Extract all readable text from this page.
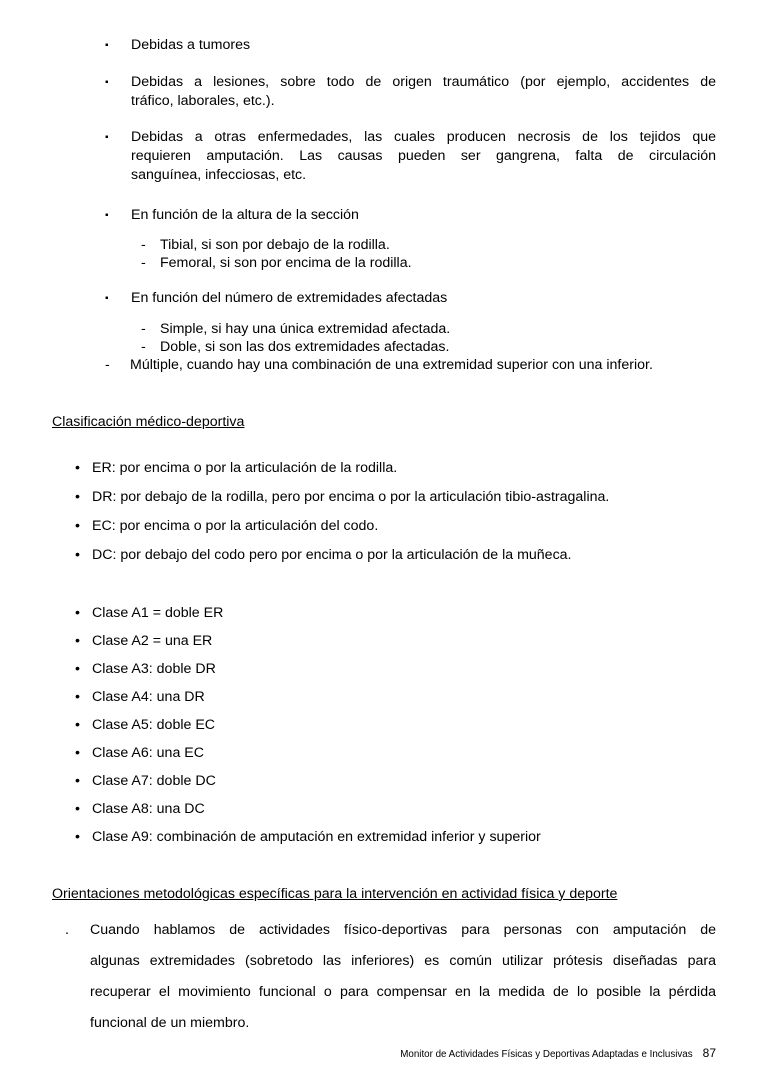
▪	Debidas a tumores
▪	Debidas a lesiones, sobre todo de origen traumático (por ejemplo, accidentes de
tráfico, laborales, etc.).
▪	Debidas a otras enfermedades, las cuales producen necrosis de los tejidos que
requieren amputación. Las causas pueden ser gangrena, falta de circulación
sanguínea, infecciosas, etc.
▪	En función de la altura de la sección
-	Tibial, si son por debajo de la rodilla.
-	Femoral, si son por encima de la rodilla.
▪	En función del número de extremidades afectadas
-	Simple, si hay una única extremidad afectada.
-	Doble, si son las dos extremidades afectadas.
-	Múltiple, cuando hay una combinación de una extremidad superior con una inferior.
Clasificación médico-deportiva
• ER: por encima o por la articulación de la rodilla.
• DR: por debajo de la rodilla, pero por encima o por la articulación tibio-astragalina.
• EC: por encima o por la articulación del codo.
• DC: por debajo del codo pero por encima o por la articulación de la muñeca.
• Clase A1 = doble ER
• Clase A2 = una ER
• Clase A3: doble DR
• Clase A4: una DR
• Clase A5: doble EC
• Clase A6: una EC
• Clase A7: doble DC
• Clase A8: una DC
• Clase A9: combinación de amputación en extremidad inferior y superior
Orientaciones metodológicas específicas para la intervención en actividad física y deporte
.	Cuando hablamos de actividades físico-deportivas para personas con amputación de
algunas extremidades (sobretodo las inferiores) es común utilizar prótesis diseñadas para
recuperar el movimiento funcional o para compensar en la medida de lo posible la pérdida
funcional de un miembro.
Monitor de Actividades Físicas y Deportivas Adaptadas e Inclusivas 87
